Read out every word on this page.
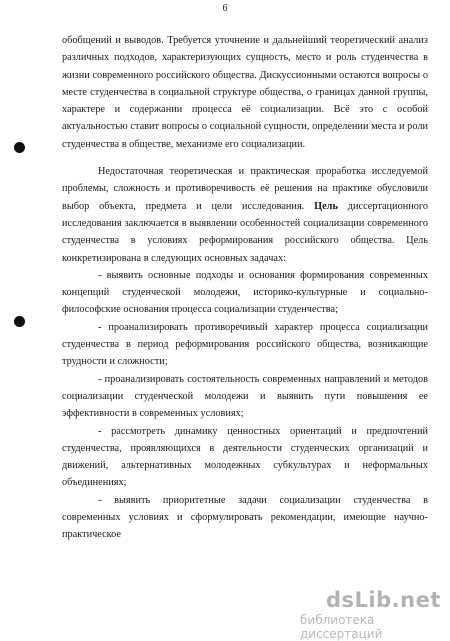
6

обобщений и выводов. Требуется уточнение и дальнейший теоретический анализ различных подходов, характеризующих сущность, место и роль студенчества в жизни современного российского общества. Дискуссионными остаются вопросы о месте студенчества в социальной структуре общества, о границах данной группы, характере и содержании процесса её социализации. Всё это с особой актуальностью ставит вопросы о социальной сущности, определении места и роли студенчества в обществе, механизме его социализации.

Недостаточная теоретическая и практическая проработка исследуемой проблемы, сложность и противоречивость её решения на практике обусловили выбор объекта, предмета и цели исследования. Цель диссертационного исследования заключается в выявлении особенностей социализации современного студенчества в условиях реформирования российского общества. Цель конкретизирована в следующих основных задачах:

- выявить основные подходы и основания формирования современных концепций студенческой молодежи, историко-культурные и социально-философские основания процесса социализации студенчества;

- проанализировать противоречивый характер процесса социализации студенчества в период реформирования российского общества, возникающие трудности и сложности;

- проанализировать состоятельность современных направлений и методов социализации студенческой молодежи и выявить пути повышения ее эффективности в современных условиях;

- рассмотреть динамику ценностных ориентаций и предпочтений студенчества, проявляющихся в деятельности студенческих организаций и движений, альтернативных молодежных субкультурах и неформальных объединениях;

- выявить приоритетные задачи социализации студенчества в современных условиях и сформулировать рекомендации, имеющие научно-практическое

dsLib.net
библиотека диссертаций
